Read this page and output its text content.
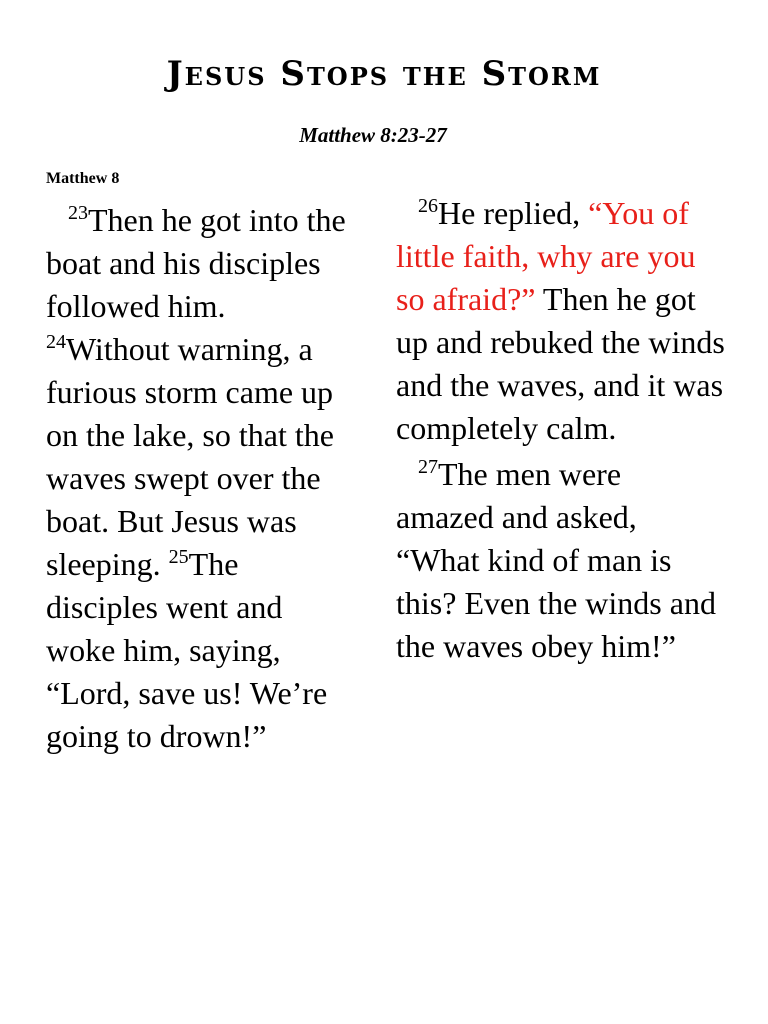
Jesus Stops the Storm
Matthew 8:23-27
Matthew 8

$^{23}$Then he got into the boat and his disciples followed him. $^{24}$Without warning, a furious storm came up on the lake, so that the waves swept over the boat. But Jesus was sleeping. $^{25}$The disciples went and woke him, saying, “Lord, save us! We’re going to drown!”

$^{26}$He replied, “You of little faith, why are you so afraid?” Then he got up and rebuked the winds and the waves, and it was completely calm.

$^{27}$The men were amazed and asked, “What kind of man is this? Even the winds and the waves obey him!”
